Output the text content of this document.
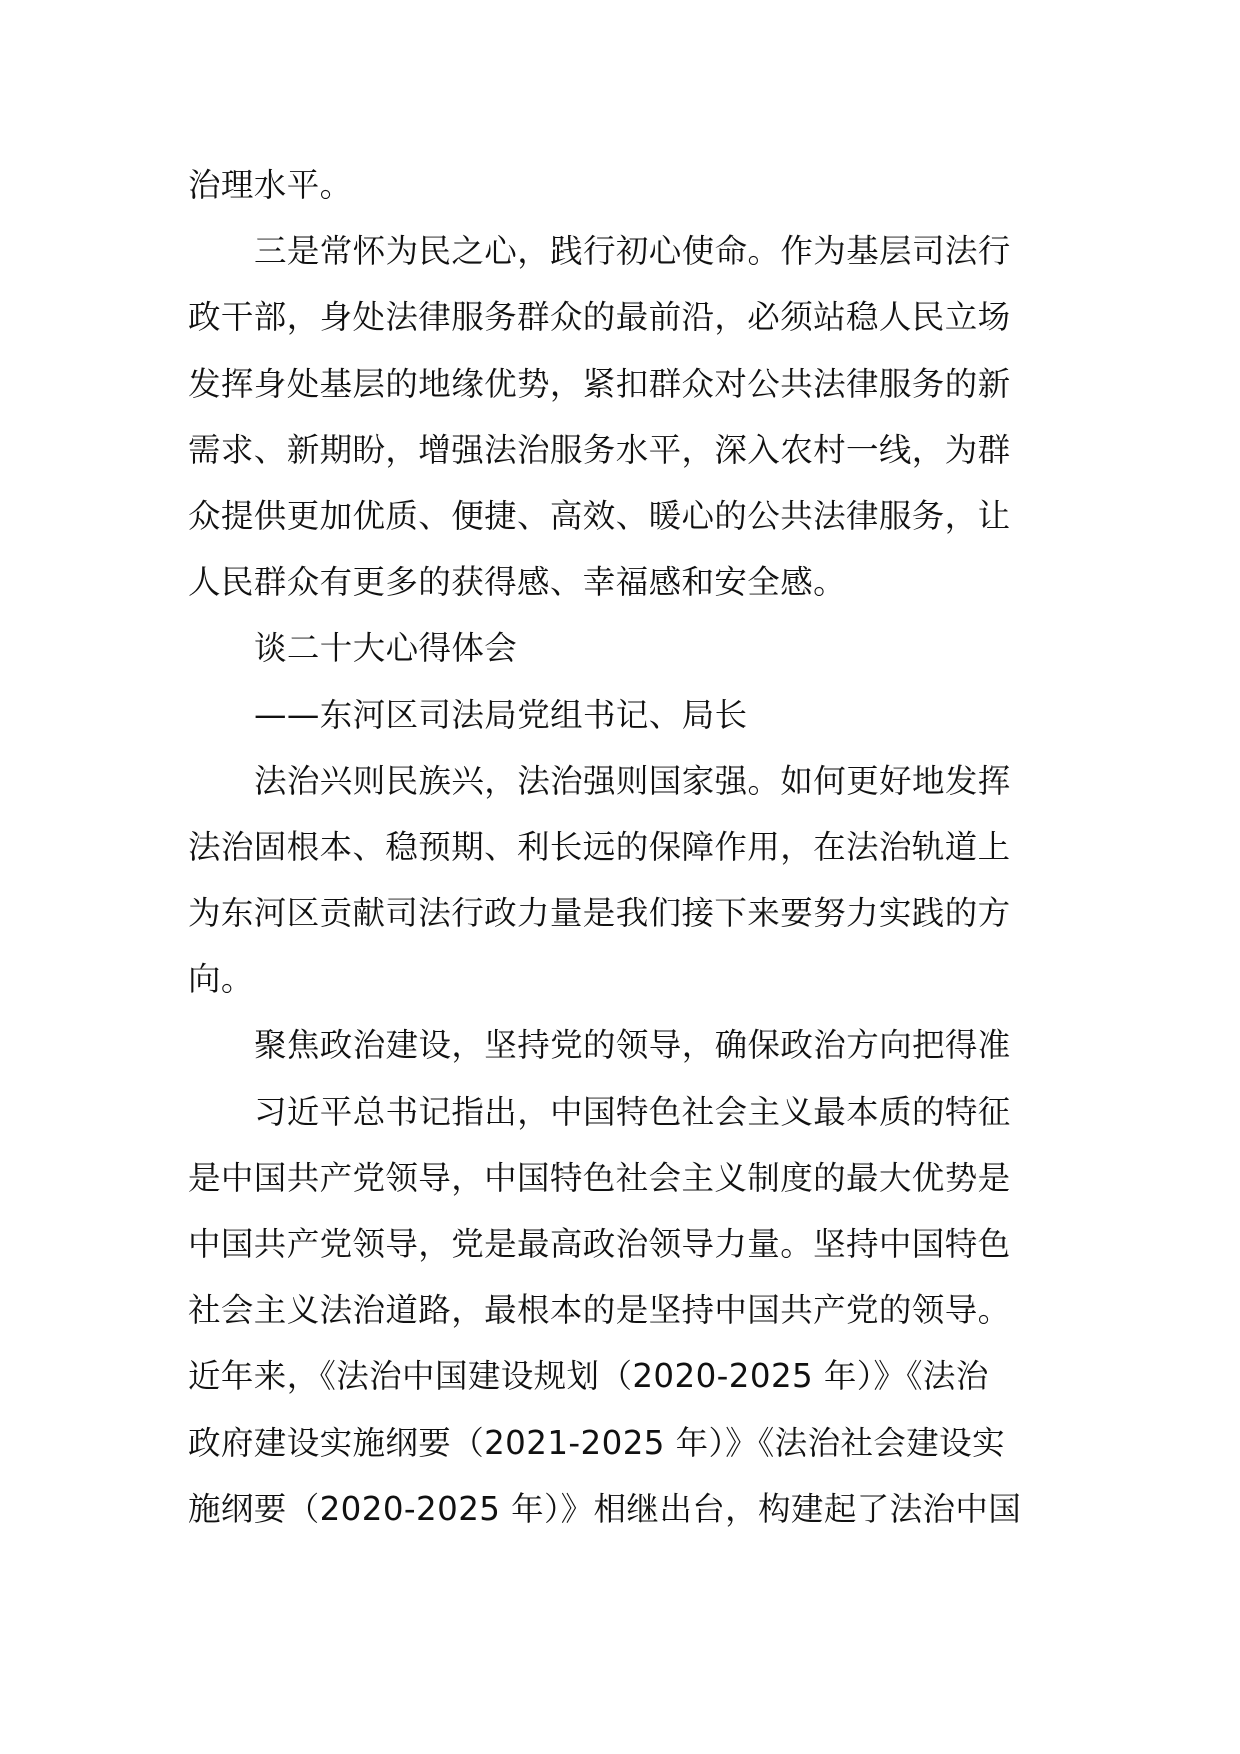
治理水平。
三是常怀为民之心，践行初心使命。作为基层司法行
政干部，身处法律服务群众的最前沿，必须站稳人民立场
发挥身处基层的地缘优势，紧扣群众对公共法律服务的新
需求、新期盼，增强法治服务水平，深入农村一线，为群
众提供更加优质、便捷、高效、暖心的公共法律服务，让
人民群众有更多的获得感、幸福感和安全感。
谈二十大心得体会
——东河区司法局党组书记、局长
法治兴则民族兴，法治强则国家强。如何更好地发挥
法治固根本、稳预期、利长远的保障作用，在法治轨道上
为东河区贡献司法行政力量是我们接下来要努力实践的方
向。
聚焦政治建设，坚持党的领导，确保政治方向把得准
习近平总书记指出，中国特色社会主义最本质的特征
是中国共产党领导，中国特色社会主义制度的最大优势是
中国共产党领导，党是最高政治领导力量。坚持中国特色
社会主义法治道路，最根本的是坚持中国共产党的领导。
近年来，《法治中国建设规划（2020-2025 年）》《法治
政府建设实施纲要（2021-2025 年）》《法治社会建设实
施纲要（2020-2025 年）》相继出台，构建起了法治中国
